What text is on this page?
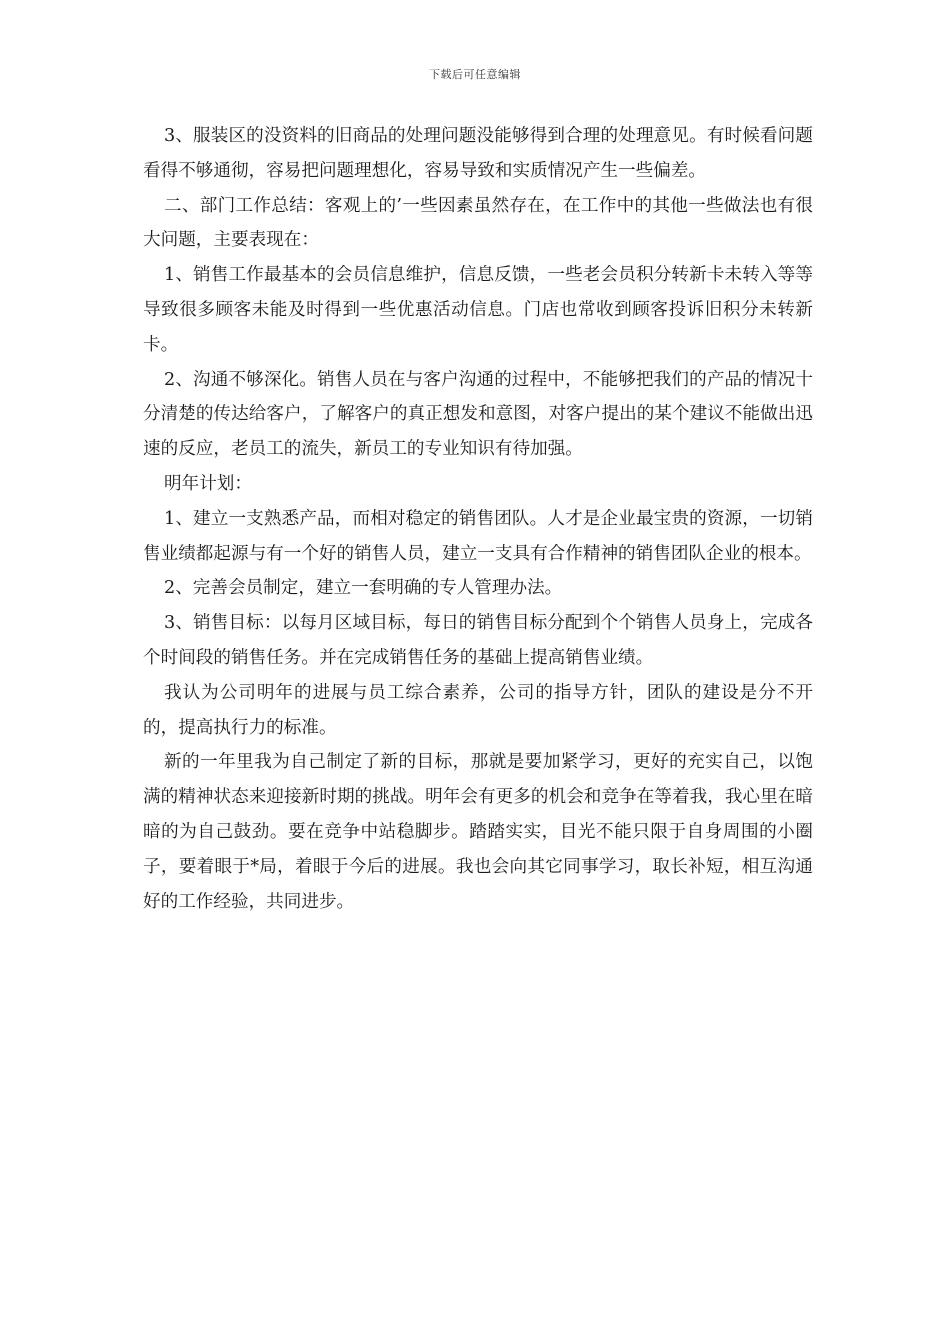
下载后可任意编辑

3、服装区的没资料的旧商品的处理问题没能够得到合理的处理意见。有时候看问题看得不够通彻，容易把问题理想化，容易导致和实质情况产生一些偏差。

二、部门工作总结：客观上的’一些因素虽然存在，在工作中的其他一些做法也有很大问题，主要表现在：

1、销售工作最基本的会员信息维护，信息反馈，一些老会员积分转新卡未转入等等导致很多顾客未能及时得到一些优惠活动信息。门店也常收到顾客投诉旧积分未转新卡。

2、沟通不够深化。销售人员在与客户沟通的过程中，不能够把我们的产品的情况十分清楚的传达给客户，了解客户的真正想发和意图，对客户提出的某个建议不能做出迅速的反应，老员工的流失，新员工的专业知识有待加强。

明年计划：

1、建立一支熟悉产品，而相对稳定的销售团队。人才是企业最宝贵的资源，一切销售业绩都起源与有一个好的销售人员，建立一支具有合作精神的销售团队企业的根本。

2、完善会员制定，建立一套明确的专人管理办法。

3、销售目标：以每月区域目标，每日的销售目标分配到个个销售人员身上，完成各个时间段的销售任务。并在完成销售任务的基础上提高销售业绩。

我认为公司明年的进展与员工综合素养，公司的指导方针，团队的建设是分不开的，提高执行力的标准。

新的一年里我为自己制定了新的目标，那就是要加紧学习，更好的充实自己，以饱满的精神状态来迎接新时期的挑战。明年会有更多的机会和竞争在等着我，我心里在暗暗的为自己鼓劲。要在竞争中站稳脚步。踏踏实实，目光不能只限于自身周围的小圈子，要着眼于*局，着眼于今后的进展。我也会向其它同事学习，取长补短，相互沟通好的工作经验，共同进步。
